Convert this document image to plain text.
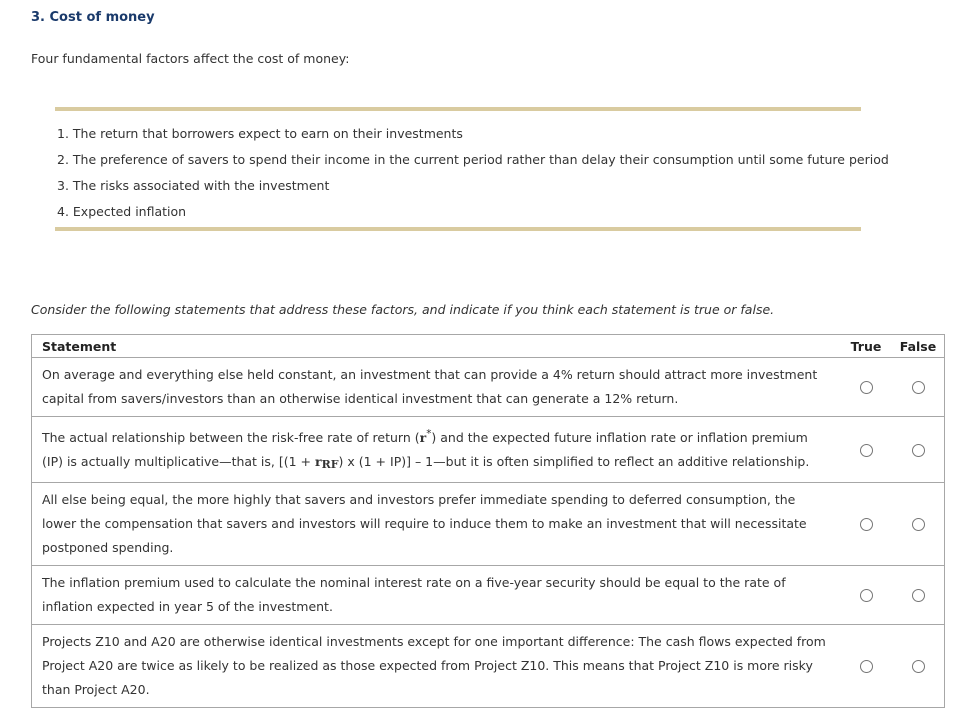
3. Cost of money
Four fundamental factors affect the cost of money:
1. The return that borrowers expect to earn on their investments
2. The preference of savers to spend their income in the current period rather than delay their consumption until some future period
3. The risks associated with the investment
4. Expected inflation
Consider the following statements that address these factors, and indicate if you think each statement is true or false.
Statement	True	False
On average and everything else held constant, an investment that can provide a 4% return should attract more investment capital from savers/investors than an otherwise identical investment that can generate a 12% return.		
The actual relationship between the risk-free rate of return (r*) and the expected future inflation rate or inflation premium (IP) is actually multiplicative—that is, [$(1 + r_{RF})$ x (1 + IP)] – 1—but it is often simplified to reflect an additive relationship.		
All else being equal, the more highly that savers and investors prefer immediate spending to deferred consumption, the lower the compensation that savers and investors will require to induce them to make an investment that will necessitate postponed spending.		
The inflation premium used to calculate the nominal interest rate on a five-year security should be equal to the rate of inflation expected in year 5 of the investment.		
Projects Z10 and A20 are otherwise identical investments except for one important difference: The cash flows expected from Project A20 are twice as likely to be realized as those expected from Project Z10. This means that Project Z10 is more risky than Project A20.		
